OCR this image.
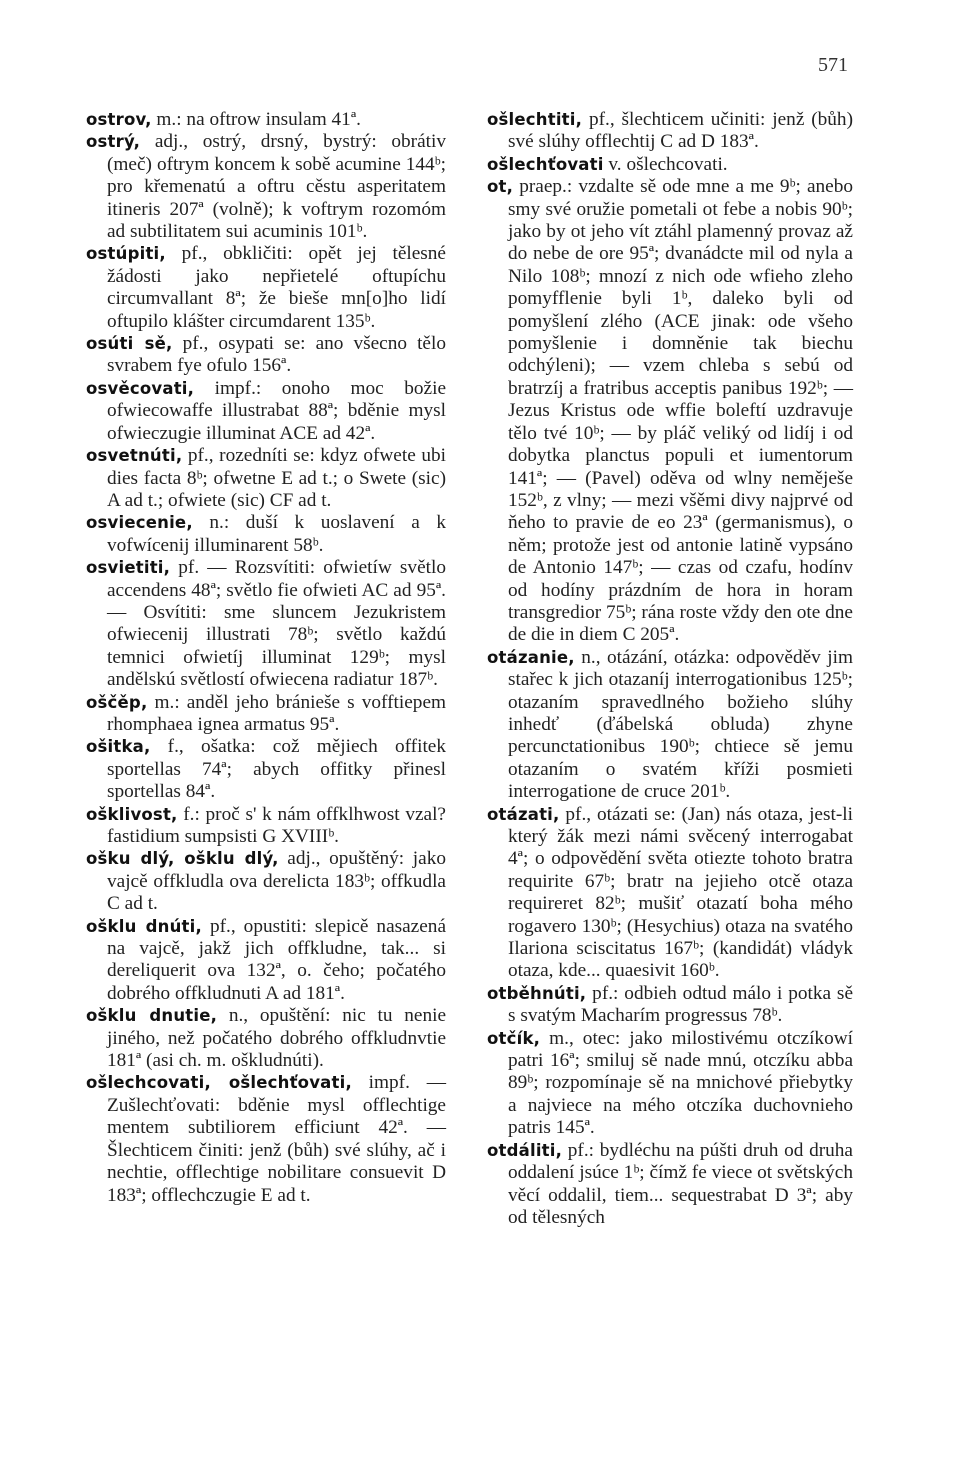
571

ostrov, m.: na oftrow insulam 41ª.

ostrý, adj., ostrý, drsný, bystrý: obrátiv (meč) oftrym koncem k sobě acumine 144ᵇ; pro křemenatú a oftru cěstu asperitatem itineris 207ª (volně); k voftrym rozomóm ad subtilitatem sui acuminis 101ᵇ.

ostúpiti, pf., obkličiti: opět jej tělesné žádosti jako nepřietelé oftupíchu circumvallant 8ª; že bieše mn[o]ho lidí oftupilo klášter circumdarent 135ᵇ.

osúti sě, pf., osypati se: ano všecno tělo svrabem fye ofulo 156ª.

osvěcovati, impf.: onoho moc božie ofwiecowaffe illustrabat 88ª; bděnie mysl ofwieczugie illuminat ACE ad 42ª.

osvetnúti, pf., rozedníti se: kdyz ofwete ubi dies facta 8ᵇ; ofwetne E ad t.; o Swete (sic) A ad t.; ofwiete (sic) CF ad t.

osviecenie, n.: duší k uoslavení a k vofwícenij illuminarent 58ᵇ.

osvietiti, pf. — Rozsvítiti: ofwietíw světlo accendens 48ª; světlo fie ofwieti AC ad 95ª. — Osvítiti: sme sluncem Jezukristem ofwiecenij illustrati 78ᵇ; světlo každú temnici ofwietíj illuminat 129ᵇ; mysl andělskú světlostí ofwiecena radiatur 187ᵇ.

oščěp, m.: anděl jeho bránieše s vofftiepem rhomphaea ignea armatus 95ª.

ošitka, f., ošatka: což mějiech offitek sportellas 74ª; abych offitky přinesl sportellas 84ª.

ošklivost, f.: proč s' k nám offklhwost vzal? fastidium sumpsisti G XVIIIᵇ.

ošku dlý, ošklu dlý, adj., opuštěný: jako vajcě offkludla ova derelicta 183ᵇ; offkudla C ad t.

ošklu dnúti, pf., opustiti: slepicě nasazená na vajcě, jakž jich offkludne, tak... si dereliquerit ova 132ª, o. čeho; počatého dobrého offkludnuti A ad 181ª.

ošklu dnutie, n., opuštění: nic tu nenie jiného, než počatého dobrého offkludnvtie 181ª (asi ch. m. oškludnúti).

ošlechcovati, ošlechťovati, impf. — Zušlechťovati: bděnie mysl offlechtige mentem subtiliorem efficiunt 42ª. — Šlechticem činiti: jenž (bůh) své slúhy, ač i nechtie, offlechtige nobilitare consuevit D 183ª; offlechczugie E ad t.

ošlechtiti, pf., šlechticem učiniti: jenž (bůh) své slúhy offlechtij C ad D 183ª.

ošlechťovati v. ošlechcovati.

ot, praep.: vzdalte sě ode mne a me 9ᵇ; anebo smy své oružie pometali ot febe a nobis 90ᵇ; jako by ot jeho vít ztáhl plamenný provaz až do nebe de ore 95ª; dvanádcte mil od nyla a Nilo 108ᵇ; mnozí z nich ode wfieho zleho pomyfflenie byli 1ᵇ, daleko byli od pomyšlení zlého (ACE jinak: ode všeho pomyšlenie i domněnie tak biechu odchýleni); — vzem chleba s sebú od bratrzíj a fratribus acceptis panibus 192ᵇ; — Jezus Kristus ode wffie boleftí uzdravuje tělo tvé 10ᵇ; — by pláč veliký od lidíj i od dobytka planctus populi et iumentorum 141ª; — (Pavel) oděva od wlny neměješe 152ᵇ, z vlny; — mezi všěmi divy najprvé od ňeho to pravie de eo 23ª (germanismus), o něm; protože jest od antonie latině vypsáno de Antonio 147ᵇ; — czas od czafu, hodínv od hodíny prázdním de hora in horam transgredior 75ᵇ; rána roste vždy den ote dne de die in diem C 205ª.

otázanie, n., otázání, otázka: odpověděv jim stařec k jich otazaníj interrogationibus 125ᵇ; otazaním spravedlného božieho slúhy inhedť (ďábelská obluda) zhyne percunctationibus 190ᵇ; chtiece sě jemu otazaním o svatém kříži posmieti interrogatione de cruce 201ᵇ.

otázati, pf., otázati se: (Jan) nás otaza, jest-li který žák mezi námi svěcený interrogabat 4ª; o odpovědění světa otiezte tohoto bratra requirite 67ᵇ; bratr na jejieho otcě otaza requireret 82ᵇ; mušiť otazatí boha mého rogavero 130ᵇ; (Hesychius) otaza na svatého Ilariona sciscitatus 167ᵇ; (kandidát) vládyk otaza, kde... quaesivit 160ᵇ.

otběhnúti, pf.: odbieh odtud málo i potka sě s svatým Macharím progressus 78ᵇ.

otčík, m., otec: jako milostivému otczíkowí patri 16ª; smiluj sě nade mnú, otczíku abba 89ᵇ; rozpomínaje sě na mnichové přiebytky a najviece na mého otczíka duchovnieho patris 145ª.

otdáliti, pf.: bydléchu na púšti druh od druha oddalení jsúce 1ᵇ; čímž fe viece ot světských věcí oddalil, tiem... sequestrabat D 3ª; aby od tělesných
